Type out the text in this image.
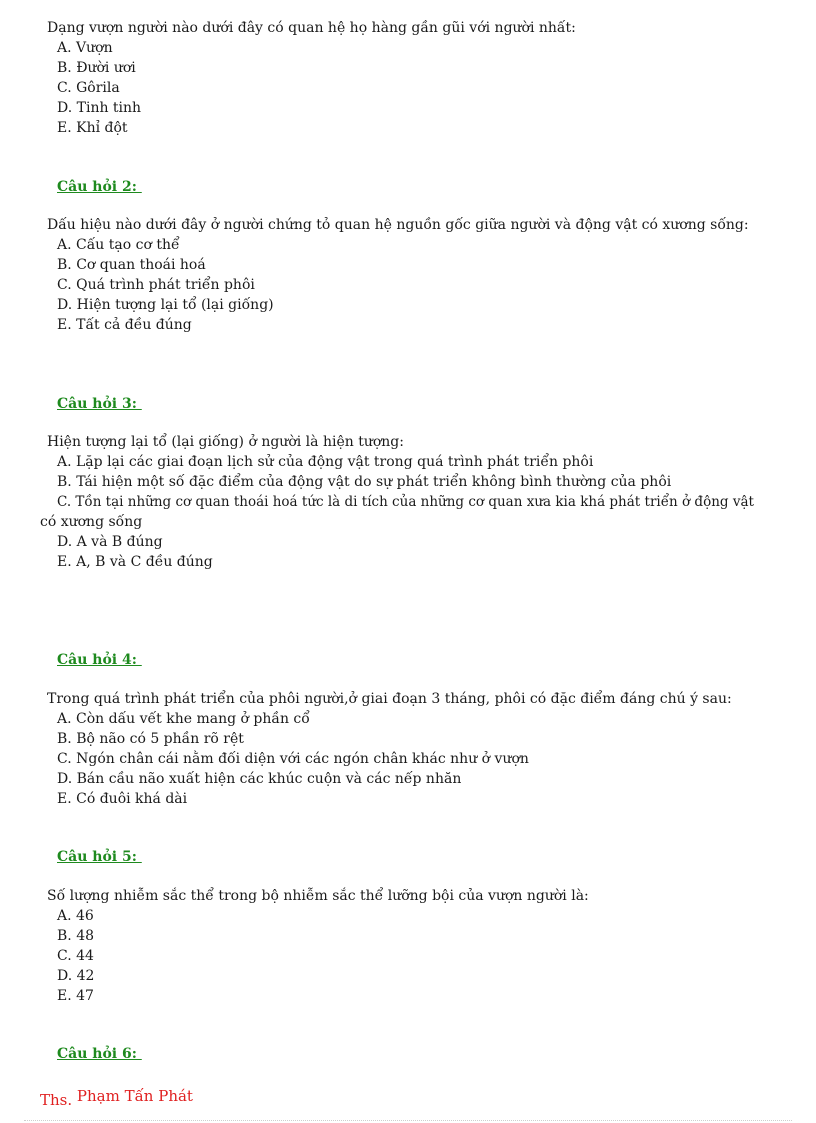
Dạng vượn người nào dưới đây có quan hệ họ hàng gần gũi với người nhất:
A. Vượn
B. Đười ươi
C. Gôrila
D. Tinh tinh
E. Khỉ đột
Câu hỏi 2:
Dấu hiệu nào dưới đây ở người chứng tỏ quan hệ nguồn gốc giữa người và động vật có xương sống:
A. Cấu tạo cơ thể
B. Cơ quan thoái hoá
C. Quá trình phát triển phôi
D. Hiện tượng lại tổ (lại giống)
E. Tất cả đều đúng
Câu hỏi 3:
Hiện tượng lại tổ (lại giống) ở người là hiện tượng:
A. Lặp lại các giai đoạn lịch sử của động vật trong quá trình phát triển phôi
B. Tái hiện một số đặc điểm của động vật do sự phát triển không bình thường của phôi
C. Tồn tại những cơ quan thoái hoá tức là di tích của những cơ quan xưa kia khá phát triển ở động vật
có xương sống
D. A và B đúng
E. A, B và C đều đúng
Câu hỏi 4:
Trong quá trình phát triển của phôi người,ở giai đoạn 3 tháng, phôi có đặc điểm đáng chú ý sau:
A. Còn dấu vết khe mang ở phần cổ
B. Bộ não có 5 phần rõ rệt
C. Ngón chân cái nằm đối diện với các ngón chân khác như ở vượn
D. Bán cầu não xuất hiện các khúc cuộn và các nếp nhăn
E. Có đuôi khá dài
Câu hỏi 5:
Số lượng nhiễm sắc thể trong bộ nhiễm sắc thể lưỡng bội của vượn người là:
A. 46
B. 48
C. 44
D. 42
E. 47
Câu hỏi 6:
Ths. Phạm Tấn Phát
